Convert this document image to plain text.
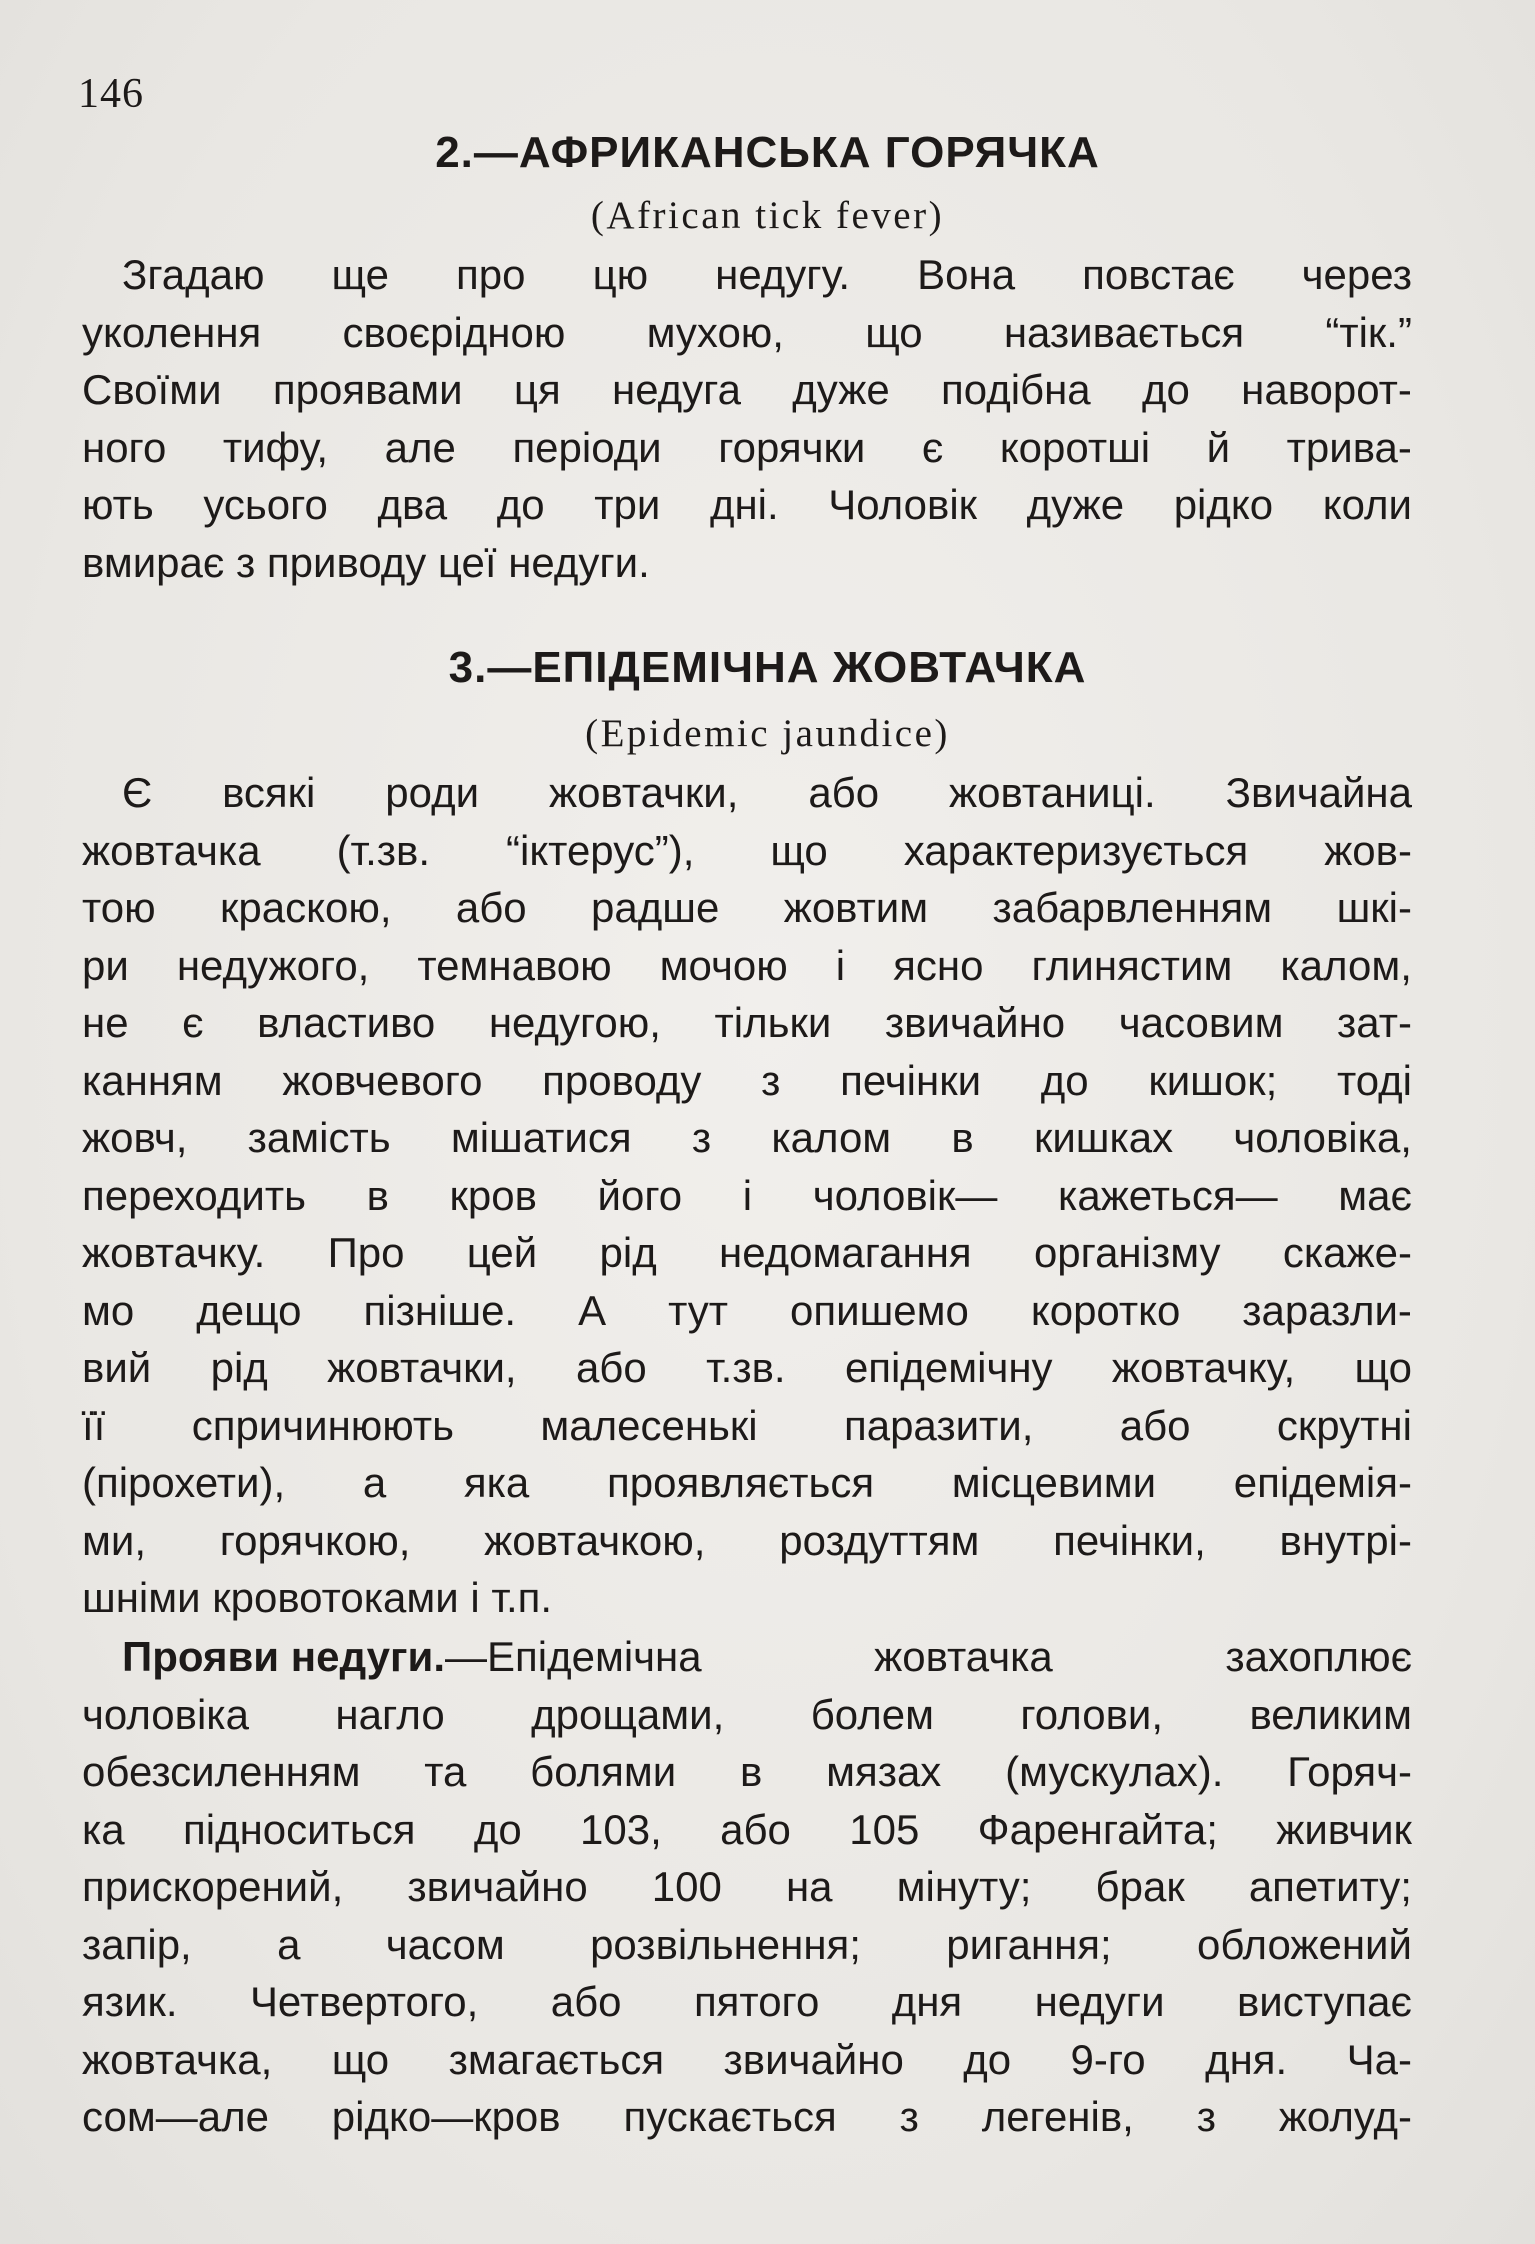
146
2.—АФРИКАНСЬКА ГОРЯЧКА
(African tick fever)
Згадаю ще про цю недугу. Вона повстає через
уколення своєрідною мухою, що називається “тік.”
Своїми проявами ця недуга дуже подібна до наворот-
ного тифу, але періоди горячки є коротші й трива-
ють усього два до три дні. Чоловік дуже рідко коли
вмирає з приводу цеї недуги.
3.—ЕПІДЕМІЧНА ЖОВТАЧКА
(Epidemic jaundice)
Є всякі роди жовтачки, або жовтаниці. Звичайна
жовтачка (т.зв. “іктерус”), що характеризується жов-
тою краскою, або радше жовтим забарвленням шкі-
ри недужого, темнавою мочою і ясно глинястим калом,
не є властиво недугою, тільки звичайно часовим зат-
канням жовчевого проводу з печінки до кишок; тоді
жовч, замість мішатися з калом в кишках чоловіка,
переходить в кров його і чоловік— кажеться— має
жовтачку. Про цей рід недомагання організму скаже-
мо дещо пізніше. А тут опишемо коротко заразли-
вий рід жовтачки, або т.зв. епідемічну жовтачку, що
її спричинюють малесенькі паразити, або скрутні
(пірохети), а яка проявляється місцевими епідемія-
ми, горячкою, жовтачкою, роздуттям печінки, внутрі-
шніми кровотоками і т.п.
Прояви недуги.—Епідемічна	жовтачка	захоплює
чоловіка нагло дрощами, болем голови, великим
обезсиленням та болями в мязах (мускулах). Горяч-
ка підноситься до 103, або 105 Фаренгайта; живчик
прискорений, звичайно 100 на мінуту; брак апетиту;
запір, а часом розвільнення; ригання; обложений
язик. Четвертого, або пятого дня недуги виступає
жовтачка, що змагається звичайно до 9-го дня. Ча-
сом—але рідко—кров пускається з легенів, з жолуд-
